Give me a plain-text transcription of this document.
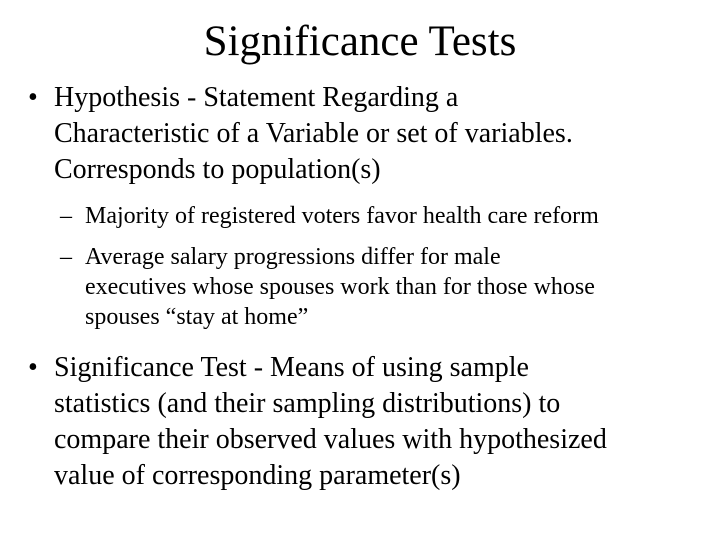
Significance Tests
• Hypothesis - Statement Regarding a
Characteristic of a Variable or set of variables.
Corresponds to population(s)
– Majority of registered voters favor health care reform
– Average salary progressions differ for male
executives whose spouses work than for those whose
spouses “stay at home”
• Significance Test - Means of using sample
statistics (and their sampling distributions) to
compare their observed values with hypothesized
value of corresponding parameter(s)
